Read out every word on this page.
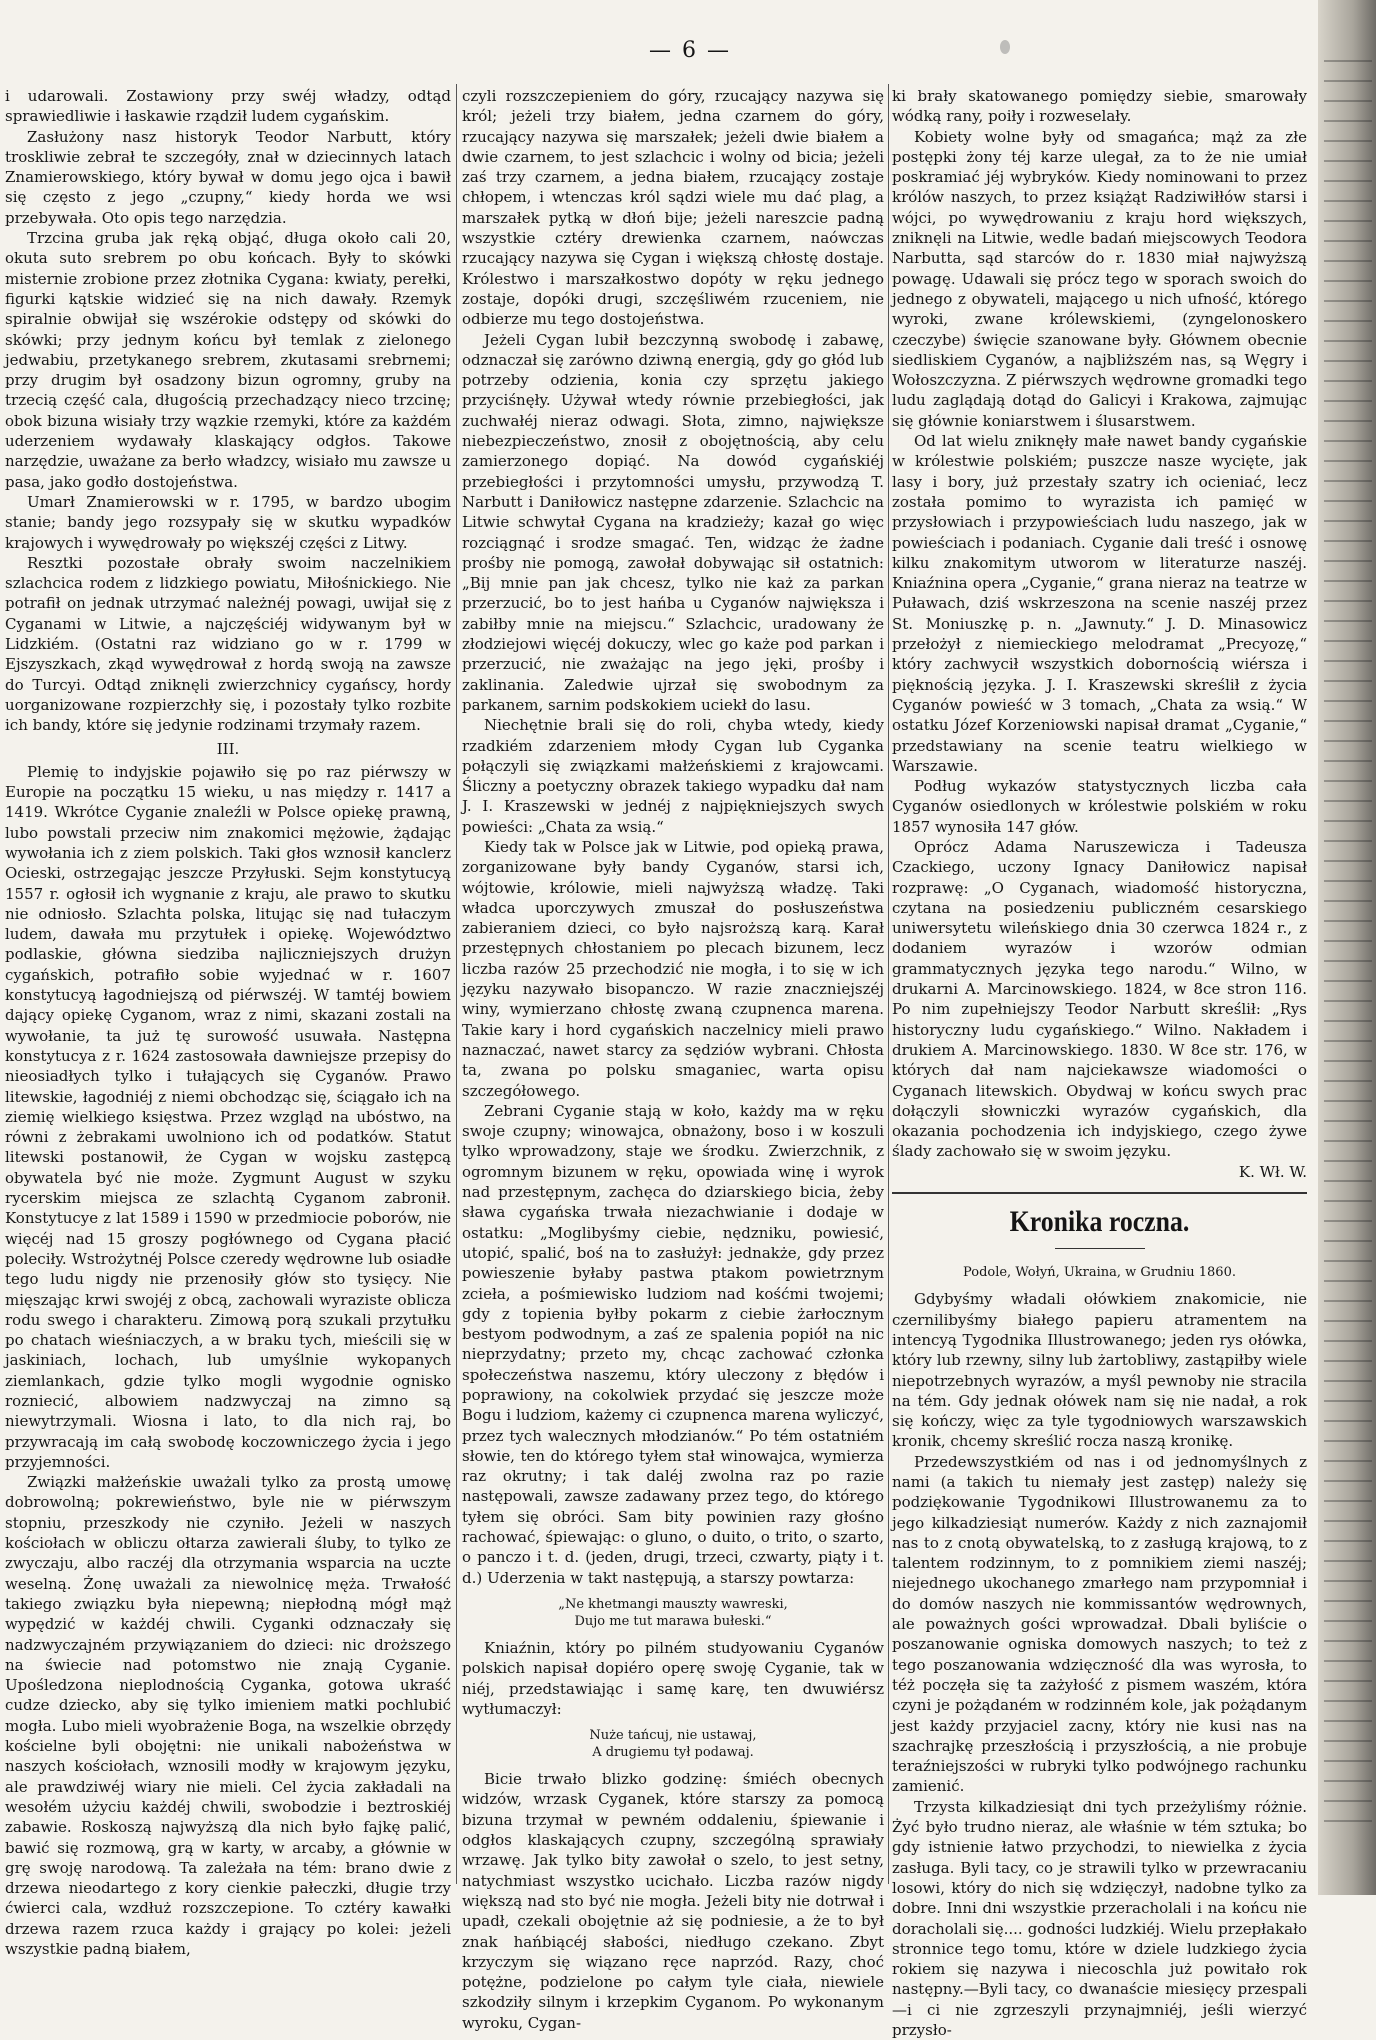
— 6 —

i udarowali. Zostawiony przy swéj władzy, odtąd sprawiedliwie i łaskawie rządził ludem cygańskim.

Zasłużony nasz historyk Teodor Narbutt, który troskliwie zebrał te szczegóły, znał w dziecinnych latach Znamierowskiego, który bywał w domu jego ojca i bawił się często z jego „czupny,“ kiedy horda we wsi przebywała. Oto opis tego narzędzia.

Trzcina gruba jak ręką objąć, długa około cali 20, okuta suto srebrem po obu końcach. Były to skówki misternie zrobione przez złotnika Cygana: kwiaty, perełki, figurki kątskie widzieć się na nich dawały. Rzemyk spiralnie obwijał się wszérokie odstępy od skówki do skówki; przy jednym końcu był temlak z zielonego jedwabiu, przetykanego srebrem, zkutasami srebrnemi; przy drugim był osadzony bizun ogromny, gruby na trzecią część cala, długością przechadzący nieco trzcinę; obok bizuna wisiały trzy wązkie rzemyki, które za każdém uderzeniem wydawały klaskający odgłos. Takowe narzędzie, uważane za berło władzcy, wisiało mu zawsze u pasa, jako godło dostojeństwa.

Umarł Znamierowski w r. 1795, w bardzo ubogim stanie; bandy jego rozsypały się w skutku wypadków krajowych i wywędrowały po większéj części z Litwy.

Resztki pozostałe obrały swoim naczelnikiem szlachcica rodem z lidzkiego powiatu, Miłośnickiego. Nie potrafił on jednak utrzymać należnéj powagi, uwijał się z Cyganami w Litwie, a najczęściéj widywanym był w Lidzkiém. (Ostatni raz widziano go w r. 1799 w Ejszyszkach, zkąd wywędrował z hordą swoją na zawsze do Turcyi. Odtąd zniknęli zwierzchnicy cygańscy, hordy uorganizowane rozpierzchły się, i pozostały tylko rozbite ich bandy, które się jedynie rodzinami trzymały razem.

III.

Plemię to indyjskie pojawiło się po raz piérwszy w Europie na początku 15 wieku, u nas między r. 1417 a 1419. Wkrótce Cyganie znaleźli w Polsce opiekę prawną, lubo powstali przeciw nim znakomici mężowie, żądając wywołania ich z ziem polskich. Taki głos wznosił kanclerz Ocieski, ostrzegając jeszcze Przyłuski. Sejm konstytucyą 1557 r. ogłosił ich wygnanie z kraju, ale prawo to skutku nie odniosło. Szlachta polska, litując się nad tułaczym ludem, dawała mu przytułek i opiekę. Województwo podlaskie, główna siedziba najliczniejszych drużyn cygańskich, potrafiło sobie wyjednać w r. 1607 konstytucyą łagodniejszą od piérwszéj. W tamtéj bowiem dający opiekę Cyganom, wraz z nimi, skazani zostali na wywołanie, ta już tę surowość usuwała. Następna konstytucya z r. 1624 zastosowała dawniejsze przepisy do nieosiadłych tylko i tułających się Cyganów. Prawo litewskie, łagodniéj z niemi obchodząc się, ściągało ich na ziemię wielkiego księstwa. Przez wzgląd na ubóstwo, na równi z żebrakami uwolniono ich od podatków. Statut litewski postanowił, że Cygan w wojsku zastępcą obywatela być nie może. Zygmunt August w szyku rycerskim miejsca ze szlachtą Cyganom zabronił. Konstytucye z lat 1589 i 1590 w przedmiocie poborów, nie więcéj nad 15 groszy pogłównego od Cygana płacić poleciły. Wstrożytnéj Polsce czeredy wędrowne lub osiadłe tego ludu nigdy nie przenosiły głów sto tysięcy. Nie mięszając krwi swojéj z obcą, zachowali wyraziste oblicza rodu swego i charakteru. Zimową porą szukali przytułku po chatach wieśniaczych, a w braku tych, mieścili się w jaskiniach, lochach, lub umyślnie wykopanych ziemlankach, gdzie tylko mogli wygodnie ognisko rozniecić, albowiem nadzwyczaj na zimno są niewytrzymali. Wiosna i lato, to dla nich raj, bo przywracają im całą swobodę koczowniczego życia i jego przyjemności.

Związki małżeńskie uważali tylko za prostą umowę dobrowolną; pokrewieństwo, byle nie w piérwszym stopniu, przeszkody nie czyniło. Jeżeli w naszych kościołach w obliczu ołtarza zawierali śluby, to tylko ze zwyczaju, albo raczéj dla otrzymania wsparcia na uczte weselną. Żonę uważali za niewolnicę męża. Trwałość takiego związku była niepewną; niepłodną mógł mąż wypędzić w każdéj chwili. Cyganki odznaczały się nadzwyczajném przywiązaniem do dzieci: nic droższego na świecie nad potomstwo nie znają Cyganie. Upośledzona nieplodnością Cyganka, gotowa ukraść cudze dziecko, aby się tylko imieniem matki pochlubić mogła. Lubo mieli wyobrażenie Boga, na wszelkie obrzędy kościelne byli obojętni: nie unikali nabożeństwa w naszych kościołach, wznosili modły w krajowym języku, ale prawdziwéj wiary nie mieli. Cel życia zakładali na wesołém użyciu każdéj chwili, swobodzie i beztroskiéj zabawie. Roskoszą najwyższą dla nich było fajkę palić, bawić się rozmową, grą w karty, w arcaby, a głównie w grę swoję narodową. Ta zależała na tém: brano dwie z drzewa nieodartego z kory cienkie pałeczki, długie trzy ćwierci cala, wzdłuż rozszczepione. To cztéry kawałki drzewa razem rzuca każdy i grający po kolei: jeżeli wszystkie padną białem,

czyli rozszczepieniem do góry, rzucający nazywa się król; jeżeli trzy białem, jedna czarnem do góry, rzucający nazywa się marszałek; jeżeli dwie białem a dwie czarnem, to jest szlachcic i wolny od bicia; jeżeli zaś trzy czarnem, a jedna białem, rzucający zostaje chłopem, i wtenczas król sądzi wiele mu dać plag, a marszałek pytką w dłoń bije; jeżeli nareszcie padną wszystkie cztéry drewienka czarnem, naówczas rzucający nazywa się Cygan i większą chłostę dostaje. Królestwo i marszałkostwo dopóty w ręku jednego zostaje, dopóki drugi, szczęśliwém rzuceniem, nie odbierze mu tego dostojeństwa.

Jeżeli Cygan lubił bezczynną swobodę i zabawę, odznaczał się zarówno dziwną energią, gdy go głód lub potrzeby odzienia, konia czy sprzętu jakiego przyciśnęły. Używał wtedy równie przebiegłości, jak zuchwałéj nieraz odwagi. Słota, zimno, największe niebezpieczeństwo, znosił z obojętnością, aby celu zamierzonego dopiąć. Na dowód cygańskiéj przebiegłości i przytomności umysłu, przywodzą T. Narbutt i Daniłowicz następne zdarzenie. Szlachcic na Litwie schwytał Cygana na kradzieży; kazał go więc rozciągnąć i srodze smagać. Ten, widząc że żadne prośby nie pomogą, zawołał dobywając sił ostatnich: „Bij mnie pan jak chcesz, tylko nie każ za parkan przerzucić, bo to jest hańba u Cyganów największa i zabiłby mnie na miejscu.“ Szlachcic, uradowany że złodziejowi więcéj dokuczy, wlec go każe pod parkan i przerzucić, nie zważając na jego jęki, prośby i zaklinania. Zaledwie ujrzał się swobodnym za parkanem, sarnim podskokiem uciekł do lasu.

Niechętnie brali się do roli, chyba wtedy, kiedy rzadkiém zdarzeniem młody Cygan lub Cyganka połączyli się związkami małżeńskiemi z krajowcami. Śliczny a poetyczny obrazek takiego wypadku dał nam J. I. Kraszewski w jednéj z najpiękniejszych swych powieści: „Chata za wsią.“

Kiedy tak w Polsce jak w Litwie, pod opieką prawa, zorganizowane były bandy Cyganów, starsi ich, wójtowie, królowie, mieli najwyższą władzę. Taki władca uporczywych zmuszał do posłuszeństwa zabieraniem dzieci, co było najsroższą karą. Karał przestępnych chłostaniem po plecach bizunem, lecz liczba razów 25 przechodzić nie mogła, i to się w ich języku nazywało bisopanczo. W razie znaczniejszéj winy, wymierzano chłostę zwaną czupnenca marena. Takie kary i hord cygańskich naczelnicy mieli prawo naznaczać, nawet starcy za sędziów wybrani. Chłosta ta, zwana po polsku smaganiec, warta opisu szczegółowego.

Zebrani Cyganie stają w koło, każdy ma w ręku swoje czupny; winowajca, obnażony, boso i w koszuli tylko wprowadzony, staje we środku. Zwierzchnik, z ogromnym bizunem w ręku, opowiada winę i wyrok nad przestępnym, zachęca do dziarskiego bicia, żeby sława cygańska trwała niezachwianie i dodaje w ostatku: „Moglibyśmy ciebie, nędzniku, powiesić, utopić, spalić, boś na to zasłużył: jednakże, gdy przez powieszenie byłaby pastwa ptakom powietrznym zcieła, a pośmiewisko ludziom nad kośćmi twojemi; gdy z topienia byłby pokarm z ciebie żarłocznym bestyom podwodnym, a zaś ze spalenia popiół na nic nieprzydatny; przeto my, chcąc zachować członka społeczeństwa naszemu, który uleczony z błędów i poprawiony, na cokolwiek przydać się jeszcze może Bogu i ludziom, każemy ci czupnenca marena wyliczyć, przez tych walecznych młodzianów.“ Po tém ostatniém słowie, ten do którego tyłem stał winowajca, wymierza raz okrutny; i tak daléj zwolna raz po razie następowali, zawsze zadawany przez tego, do którego tyłem się obróci. Sam bity powinien razy głośno rachować, śpiewając: o gluno, o duito, o trito, o szarto, o panczo i t. d. (jeden, drugi, trzeci, czwarty, piąty i t. d.) Uderzenia w takt następują, a starszy powtarza:

„Ne khetmangi mauszty wawreski,
Dujo me tut marawa bułeski.“

Kniaźnin, który po pilném studyowaniu Cyganów polskich napisał dopiéro operę swoję Cyganie, tak w niéj, przedstawiając i samę karę, ten dwuwiérsz wytłumaczył:

Nuże tańcuj, nie ustawaj,
A drugiemu tył podawaj.

Bicie trwało blizko godzinę: śmiéch obecnych widzów, wrzask Cyganek, które starszy za pomocą bizuna trzymał w pewném oddaleniu, śpiewanie i odgłos klaskających czupny, szczególną sprawiały wrzawę. Jak tylko bity zawołał o szelo, to jest setny, natychmiast wszystko ucichało. Liczba razów nigdy większą nad sto być nie mogła. Jeżeli bity nie dotrwał i upadł, czekali obojętnie aż się podniesie, a że to był znak hańbiącéj słabości, niedługo czekano. Zbyt krzyczym się wiązano ręce naprzód. Razy, choć potężne, podzielone po całym tyle ciała, niewiele szkodziły silnym i krzepkim Cyganom. Po wykonanym wyroku, Cygan-

ki brały skatowanego pomiędzy siebie, smarowały wódką rany, poiły i rozweselały.

Kobiety wolne były od smagańca; mąż za złe postępki żony téj karze ulegał, za to że nie umiał poskramiać jéj wybryków. Kiedy nominowani to przez królów naszych, to przez książąt Radziwiłłów starsi i wójci, po wywędrowaniu z kraju hord większych, zniknęli na Litwie, wedle badań miejscowych Teodora Narbutta, sąd starców do r. 1830 miał najwyższą powagę. Udawali się prócz tego w sporach swoich do jednego z obywateli, mającego u nich ufność, którego wyroki, zwane królewskiemi, (zyngelonoskero czeczybe) święcie szanowane były. Głównem obecnie siedliskiem Cyganów, a najbliższém nas, są Węgry i Wołoszczyzna. Z piérwszych wędrowne gromadki tego ludu zaglądają dotąd do Galicyi i Krakowa, zajmując się głównie koniarstwem i ślusarstwem.

Od lat wielu zniknęły małe nawet bandy cygańskie w królestwie polskiém; puszcze nasze wycięte, jak lasy i bory, już przestały szatry ich ocieniać, lecz została pomimo to wyrazista ich pamięć w przysłowiach i przypowieściach ludu naszego, jak w powieściach i podaniach. Cyganie dali treść i osnowę kilku znakomitym utworom w literaturze naszéj. Kniaźnina opera „Cyganie,“ grana nieraz na teatrze w Puławach, dziś wskrzeszona na scenie naszéj przez St. Moniuszkę p. n. „Jawnuty.“ J. D. Minasowicz przełożył z niemieckiego melodramat „Precyozę,“ który zachwycił wszystkich dobornością wiérsza i pięknością języka. J. I. Kraszewski skreślił z życia Cyganów powieść w 3 tomach, „Chata za wsią.“ W ostatku Józef Korzeniowski napisał dramat „Cyganie,“ przedstawiany na scenie teatru wielkiego w Warszawie.

Podług wykazów statystycznych liczba cała Cyganów osiedlonych w królestwie polskiém w roku 1857 wynosiła 147 głów.

Oprócz Adama Naruszewicza i Tadeusza Czackiego, uczony Ignacy Daniłowicz napisał rozprawę: „O Cyganach, wiadomość historyczna, czytana na posiedzeniu publiczném cesarskiego uniwersytetu wileńskiego dnia 30 czerwca 1824 r., z dodaniem wyrazów i wzorów odmian grammatycznych języka tego narodu.“ Wilno, w drukarni A. Marcinowskiego. 1824, w 8ce stron 116. Po nim zupełniejszy Teodor Narbutt skreślił: „Rys historyczny ludu cygańskiego.“ Wilno. Nakładem i drukiem A. Marcinowskiego. 1830. W 8ce str. 176, w których dał nam najciekawsze wiadomości o Cyganach litewskich. Obydwaj w końcu swych prac dołączyli słowniczki wyrazów cygańskich, dla okazania pochodzenia ich indyjskiego, czego żywe ślady zachowało się w swoim języku.

K. Wł. W.

Kronika roczna.

Podole, Wołyń, Ukraina, w Grudniu 1860.

Gdybyśmy władali ołówkiem znakomicie, nie czernilibyśmy białego papieru atramentem na intencyą Tygodnika Illustrowanego; jeden rys ołówka, który lub rzewny, silny lub żartobliwy, zastąpiłby wiele niepotrzebnych wyrazów, a myśl pewnoby nie stracila na tém. Gdy jednak ołówek nam się nie nadał, a rok się kończy, więc za tyle tygodniowych warszawskich kronik, chcemy skreślić rocza naszą kronikę.

Przedewszystkiém od nas i od jednomyślnych z nami (a takich tu niemały jest zastęp) należy się podziękowanie Tygodnikowi Illustrowanemu za to jego kilkadziesiąt numerów. Każdy z nich zaznajomił nas to z cnotą obywatelską, to z zasługą krajową, to z talentem rodzinnym, to z pomnikiem ziemi naszéj; niejednego ukochanego zmarłego nam przypomniał i do domów naszych nie kommissantów wędrownych, ale poważnych gości wprowadzał. Dbali byliście o poszanowanie ogniska domowych naszych; to też z tego poszanowania wdzięczność dla was wyrosła, to téż poczęła się ta zażyłość z pismem waszém, która czyni je pożądaném w rodzinném kole, jak pożądanym jest każdy przyjaciel zacny, który nie kusi nas na szachrajkę przeszłością i przyszłością, a nie probuje teraźniejszości w rubryki tylko podwójnego rachunku zamienić.

Trzysta kilkadziesiąt dni tych przeżyliśmy różnie. Żyć było trudno nieraz, ale właśnie w tém sztuka; bo gdy istnienie łatwo przychodzi, to niewielka z życia zasługa. Byli tacy, co je strawili tylko w przewracaniu losowi, który do nich się wdzięczył, nadobne tylko za dobre. Inni dni wszystkie przeracholali i na końcu nie doracholali się.... godności ludzkiéj. Wielu przepłakało stronnice tego tomu, które w dziele ludzkiego życia rokiem się nazywa i niecoschla już powitało rok następny.—Byli tacy, co dwanaście miesięcy przespali—i ci nie zgrzeszyli przynajmniéj, jeśli wierzyć przysło-
